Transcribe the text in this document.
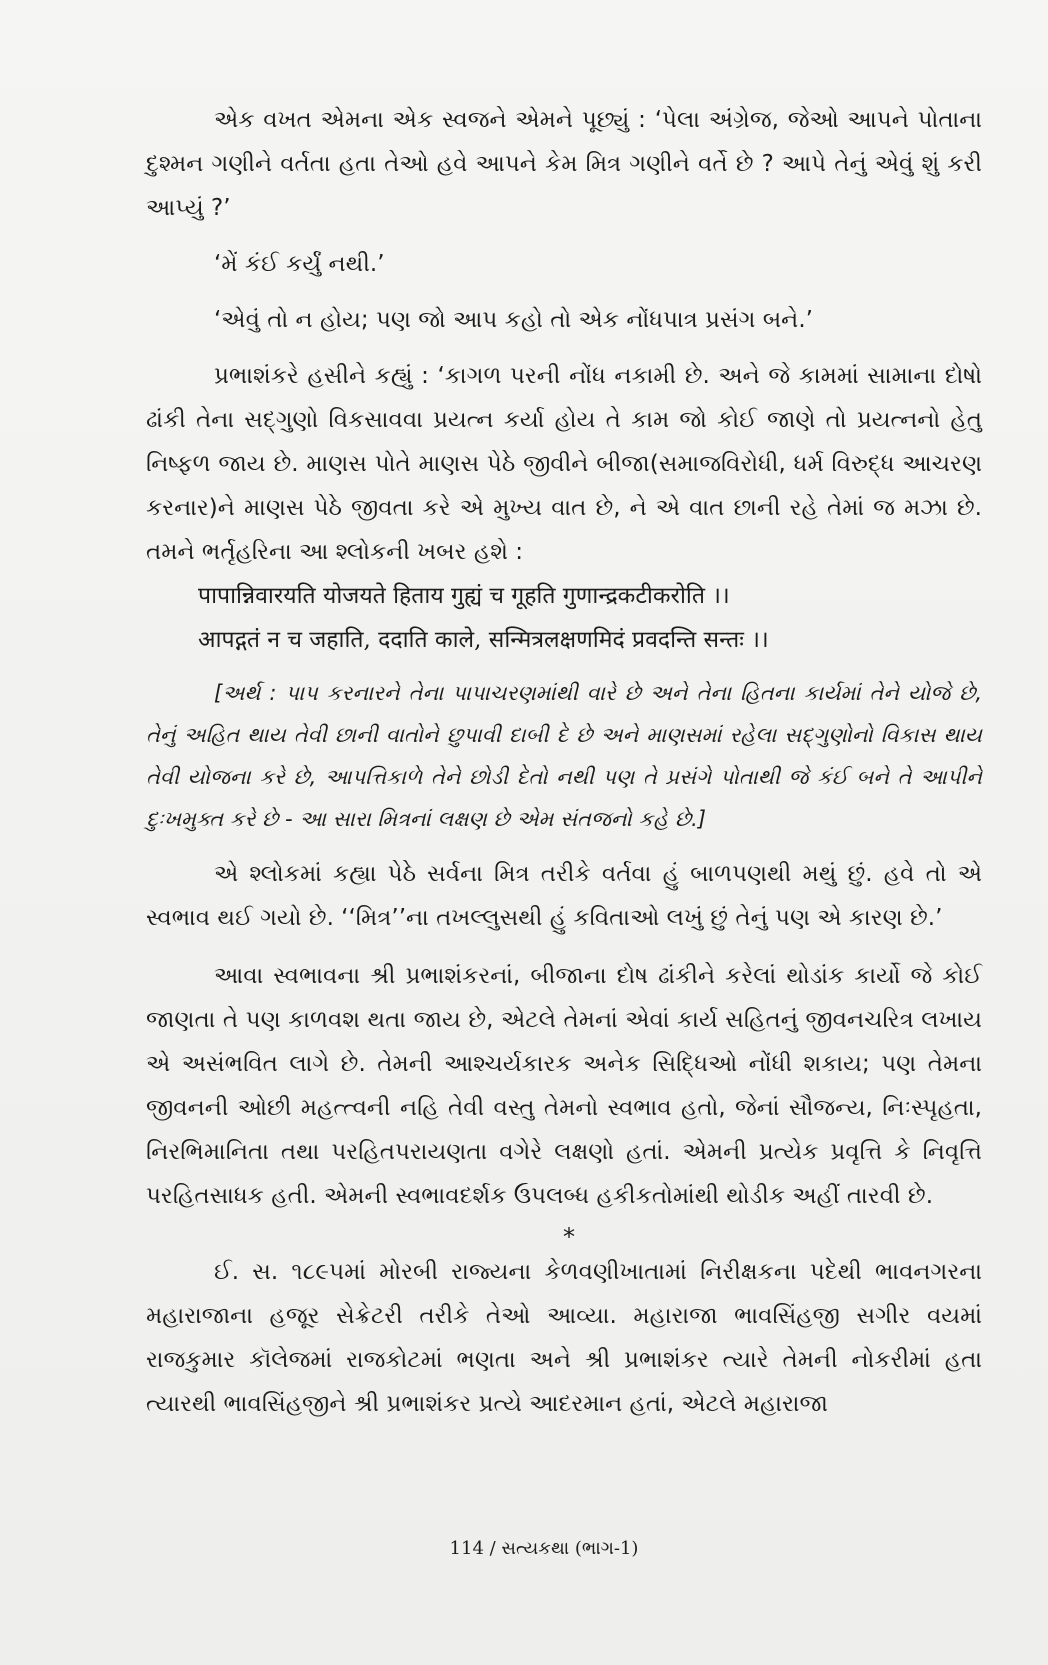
એક વખત એમના એક સ્વજને એમને પૂછ્યું : ‘પેલા અંગ્રેજ, જેઓ આપને પોતાના દુશ્મન ગણીને વર્તતા હતા તેઓ હવે આપને કેમ મિત્ર ગણીને વર્તે છે ? આપે તેનું એવું શું કરી આપ્યું ?’

‘મેં કંઈ કર્યું નથી.’

‘એવું તો ન હોય; પણ જો આપ કહો તો એક નોંધપાત્ર પ્રસંગ બને.’

પ્રભાશંકરે હસીને કહ્યું : ‘કાગળ પરની નોંધ નકામી છે. અને જે કામમાં સામાના દોષો ઢાંકી તેના સદ્ગુણો વિકસાવવા પ્રયત્ન કર્યા હોય તે કામ જો કોઈ જાણે તો પ્રયત્નનો હેતુ નિષ્ફળ જાય છે. માણસ પોતે માણસ પેઠે જીવીને બીજા(સમાજવિરોધી, ધર્મ વિરુદ્ધ આચરણ કરનાર)ને માણસ પેઠે જીવતા કરે એ મુખ્ય વાત છે, ને એ વાત છાની રહે તેમાં જ મઝા છે. તમને ભર્તૃહરિના આ શ્લોકની ખબર હશે :

पापान्निवारयति योजयते हिताय गुह्यं च गूहति गुणान्द्रकटीकरोति ।।

आपद्गतं न च जहाति, ददाति काले, सन्मित्रलक्षणमिदं प्रवदन्ति सन्तः ।।

[અર્થ : પાપ કરનારને તેના પાપાચરણમાંથી વારે છે અને તેના હિતના કાર્યમાં તેને યોજે છે, તેનું અહિત થાય તેવી છાની વાતોને છુપાવી દાબી દે છે અને માણસમાં રહેલા સદ્ગુણોનો વિકાસ થાય તેવી યોજના કરે છે, આપત્તિકાળે તેને છોડી દેતો નથી પણ તે પ્રસંગે પોતાથી જે કંઈ બને તે આપીને દુઃખમુક્ત કરે છે - આ સારા મિત્રનાં લક્ષણ છે એમ સંતજનો કહે છે.]

એ શ્લોકમાં કહ્યા પેઠે સર્વના મિત્ર તરીકે વર્તવા હું બાળપણથી મથું છું. હવે તો એ સ્વભાવ થઈ ગયો છે. ‘‘મિત્ર’’ના તખલ્લુસથી હું કવિતાઓ લખું છું તેનું પણ એ કારણ છે.’

આવા સ્વભાવના શ્રી પ્રભાશંકરનાં, બીજાના દોષ ઢાંકીને કરેલાં થોડાંક કાર્યો જે કોઈ જાણતા તે પણ કાળવશ થતા જાય છે, એટલે તેમનાં એવાં કાર્ય સહિતનું જીવનચરિત્ર લખાય એ અસંભવિત લાગે છે. તેમની આશ્ચર્યકારક અનેક સિદ્ધિઓ નોંધી શકાય; પણ તેમના જીવનની ઓછી મહત્ત્વની નહિ તેવી વસ્તુ તેમનો સ્વભાવ હતો, જેનાં સૌજન્ય, નિઃસ્પૃહતા, નિરભિમાનિતા તથા પરહિતપરાયણતા વગેરે લક્ષણો હતાં. એમની પ્રત્યેક પ્રવૃત્તિ કે નિવૃત્તિ પરહિતસાધક હતી. એમની સ્વભાવદર્શક ઉપલબ્ધ હકીકતોમાંથી થોડીક અહીં તારવી છે.

*

ઈ. સ. ૧૮૯૫માં મોરબી રાજ્યના કેળવણીખાતામાં નિરીક્ષકના પદેથી ભાવનગરના મહારાજાના હજૂર સેક્રેટરી તરીકે તેઓ આવ્યા. મહારાજા ભાવસિંહજી સગીર વયમાં રાજકુમાર કૉલેજમાં રાજકોટમાં ભણતા અને શ્રી પ્રભાશંકર ત્યારે તેમની નોકરીમાં હતા ત્યારથી ભાવસિંહજીને શ્રી પ્રભાશંકર પ્રત્યે આદરમાન હતાં, એટલે મહારાજા

114 / સત્યકથા (ભાગ-1)
